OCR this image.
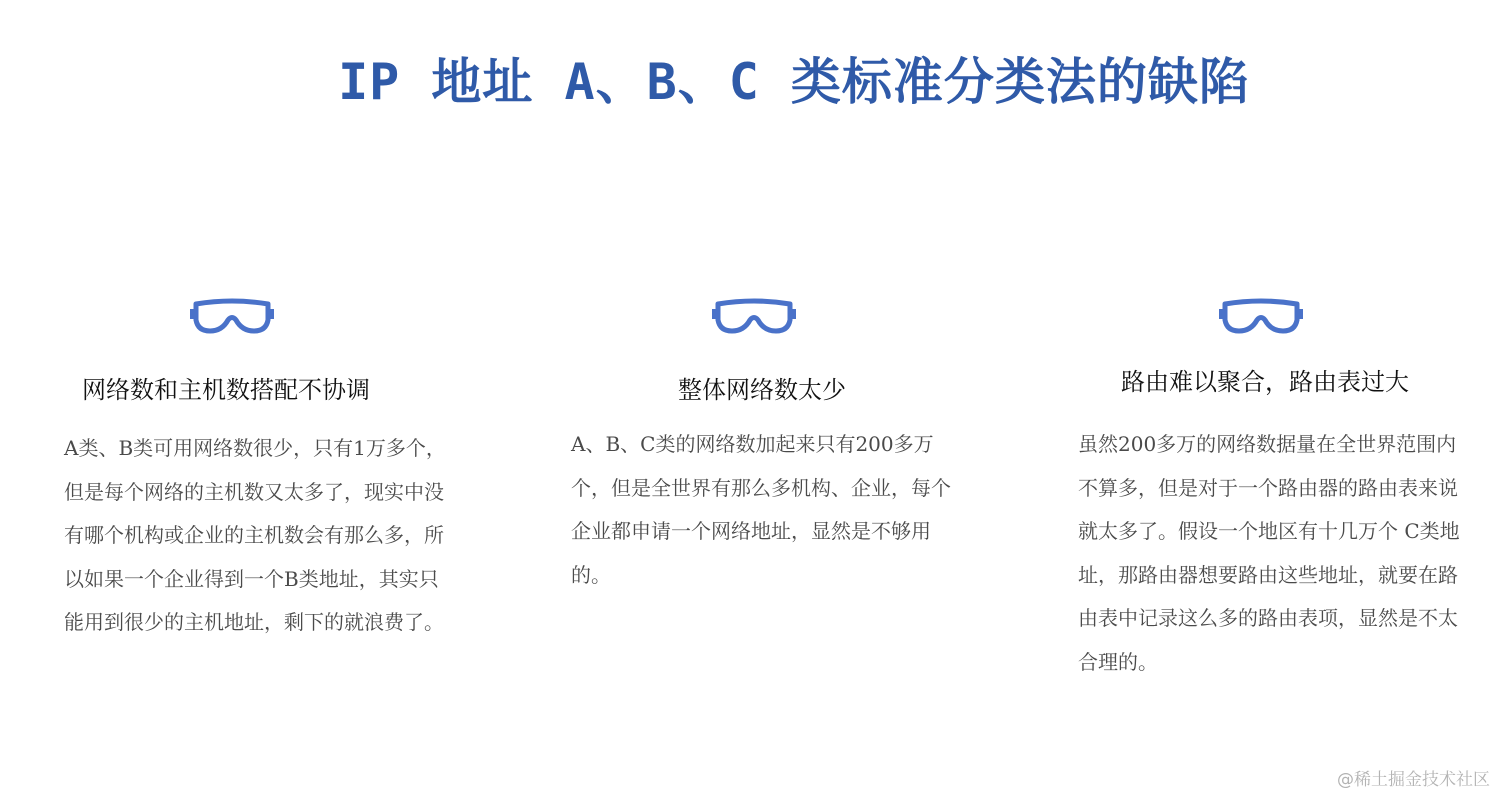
IP 地址 A、B、C 类标准分类法的缺陷
网络数和主机数搭配不协调
A类、B类可用网络数很少，只有1万多个，但是每个网络的主机数又太多了，现实中没有哪个机构或企业的主机数会有那么多，所以如果一个企业得到一个B类地址，其实只能用到很少的主机地址，剩下的就浪费了。
整体网络数太少
A、B、C类的网络数加起来只有200多万个，但是全世界有那么多机构、企业，每个企业都申请一个网络地址，显然是不够用的。
路由难以聚合，路由表过大
虽然200多万的网络数据量在全世界范围内不算多，但是对于一个路由器的路由表来说就太多了。假设一个地区有十几万个 C类地址，那路由器想要路由这些地址，就要在路由表中记录这么多的路由表项，显然是不太合理的。
@稀土掘金技术社区
